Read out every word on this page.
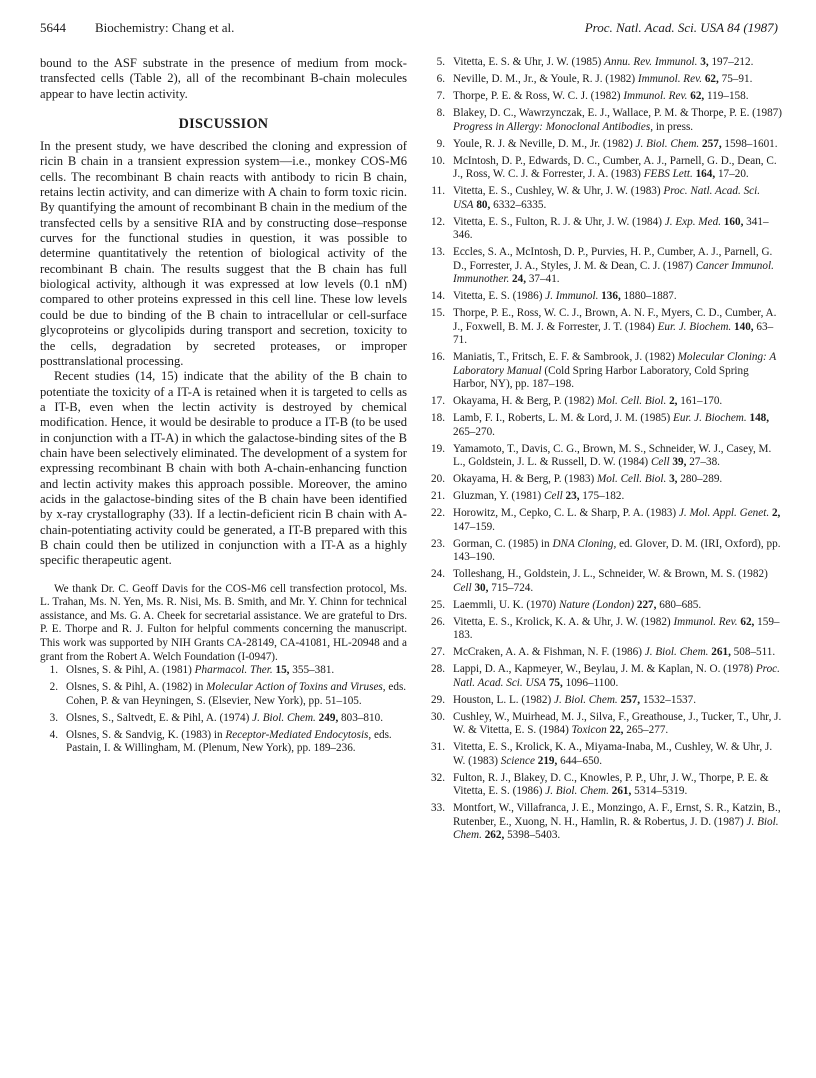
5644 Biochemistry: Chang et al.	Proc. Natl. Acad. Sci. USA 84 (1987)

bound to the ASF substrate in the presence of medium from mock-transfected cells (Table 2), all of the recombinant B-chain molecules appear to have lectin activity.

DISCUSSION

In the present study, we have described the cloning and expression of ricin B chain in a transient expression system—i.e., monkey COS-M6 cells. The recombinant B chain reacts with antibody to ricin B chain, retains lectin activity, and can dimerize with A chain to form toxic ricin. By quantifying the amount of recombinant B chain in the medium of the transfected cells by a sensitive RIA and by constructing dose–response curves for the functional studies in question, it was possible to determine quantitatively the retention of biological activity of the recombinant B chain. The results suggest that the B chain has full biological activity, although it was expressed at low levels (0.1 nM) compared to other proteins expressed in this cell line. These low levels could be due to binding of the B chain to intracellular or cell-surface glycoproteins or glycolipids during transport and secretion, toxicity to the cells, degradation by secreted proteases, or improper posttranslational processing.

Recent studies (14, 15) indicate that the ability of the B chain to potentiate the toxicity of a IT-A is retained when it is targeted to cells as a IT-B, even when the lectin activity is destroyed by chemical modification. Hence, it would be desirable to produce a IT-B (to be used in conjunction with a IT-A) in which the galactose-binding sites of the B chain have been selectively eliminated. The development of a system for expressing recombinant B chain with both A-chain-enhancing function and lectin activity makes this approach possible. Moreover, the amino acids in the galactose-binding sites of the B chain have been identified by x-ray crystallography (33). If a lectin-deficient ricin B chain with A-chain-potentiating activity could be generated, a IT-B prepared with this B chain could then be utilized in conjunction with a IT-A as a highly specific therapeutic agent.

We thank Dr. C. Geoff Davis for the COS-M6 cell transfection protocol, Ms. L. Trahan, Ms. N. Yen, Ms. R. Nisi, Ms. B. Smith, and Mr. Y. Chinn for technical assistance, and Ms. G. A. Cheek for secretarial assistance. We are grateful to Drs. P. E. Thorpe and R. J. Fulton for helpful comments concerning the manuscript. This work was supported by NIH Grants CA-28149, CA-41081, HL-20948 and a grant from the Robert A. Welch Foundation (I-0947).

1. Olsnes, S. & Pihl, A. (1981) Pharmacol. Ther. 15, 355–381.
2. Olsnes, S. & Pihl, A. (1982) in Molecular Action of Toxins and Viruses, eds. Cohen, P. & van Heyningen, S. (Elsevier, New York), pp. 51–105.
3. Olsnes, S., Saltvedt, E. & Pihl, A. (1974) J. Biol. Chem. 249, 803–810.
4. Olsnes, S. & Sandvig, K. (1983) in Receptor-Mediated Endocytosis, eds. Pastain, I. & Willingham, M. (Plenum, New York), pp. 189–236.
5. Vitetta, E. S. & Uhr, J. W. (1985) Annu. Rev. Immunol. 3, 197–212.
6. Neville, D. M., Jr., & Youle, R. J. (1982) Immunol. Rev. 62, 75–91.
7. Thorpe, P. E. & Ross, W. C. J. (1982) Immunol. Rev. 62, 119–158.
8. Blakey, D. C., Wawrzynczak, E. J., Wallace, P. M. & Thorpe, P. E. (1987) Progress in Allergy: Monoclonal Antibodies, in press.
9. Youle, R. J. & Neville, D. M., Jr. (1982) J. Biol. Chem. 257, 1598–1601.
10. McIntosh, D. P., Edwards, D. C., Cumber, A. J., Parnell, G. D., Dean, C. J., Ross, W. C. J. & Forrester, J. A. (1983) FEBS Lett. 164, 17–20.
11. Vitetta, E. S., Cushley, W. & Uhr, J. W. (1983) Proc. Natl. Acad. Sci. USA 80, 6332–6335.
12. Vitetta, E. S., Fulton, R. J. & Uhr, J. W. (1984) J. Exp. Med. 160, 341–346.
13. Eccles, S. A., McIntosh, D. P., Purvies, H. P., Cumber, A. J., Parnell, G. D., Forrester, J. A., Styles, J. M. & Dean, C. J. (1987) Cancer Immunol. Immunother. 24, 37–41.
14. Vitetta, E. S. (1986) J. Immunol. 136, 1880–1887.
15. Thorpe, P. E., Ross, W. C. J., Brown, A. N. F., Myers, C. D., Cumber, A. J., Foxwell, B. M. J. & Forrester, J. T. (1984) Eur. J. Biochem. 140, 63–71.
16. Maniatis, T., Fritsch, E. F. & Sambrook, J. (1982) Molecular Cloning: A Laboratory Manual (Cold Spring Harbor Laboratory, Cold Spring Harbor, NY), pp. 187–198.
17. Okayama, H. & Berg, P. (1982) Mol. Cell. Biol. 2, 161–170.
18. Lamb, F. I., Roberts, L. M. & Lord, J. M. (1985) Eur. J. Biochem. 148, 265–270.
19. Yamamoto, T., Davis, C. G., Brown, M. S., Schneider, W. J., Casey, M. L., Goldstein, J. L. & Russell, D. W. (1984) Cell 39, 27–38.
20. Okayama, H. & Berg, P. (1983) Mol. Cell. Biol. 3, 280–289.
21. Gluzman, Y. (1981) Cell 23, 175–182.
22. Horowitz, M., Cepko, C. L. & Sharp, P. A. (1983) J. Mol. Appl. Genet. 2, 147–159.
23. Gorman, C. (1985) in DNA Cloning, ed. Glover, D. M. (IRI, Oxford), pp. 143–190.
24. Tolleshang, H., Goldstein, J. L., Schneider, W. & Brown, M. S. (1982) Cell 30, 715–724.
25. Laemmli, U. K. (1970) Nature (London) 227, 680–685.
26. Vitetta, E. S., Krolick, K. A. & Uhr, J. W. (1982) Immunol. Rev. 62, 159–183.
27. McCraken, A. A. & Fishman, N. F. (1986) J. Biol. Chem. 261, 508–511.
28. Lappi, D. A., Kapmeyer, W., Beylau, J. M. & Kaplan, N. O. (1978) Proc. Natl. Acad. Sci. USA 75, 1096–1100.
29. Houston, L. L. (1982) J. Biol. Chem. 257, 1532–1537.
30. Cushley, W., Muirhead, M. J., Silva, F., Greathouse, J., Tucker, T., Uhr, J. W. & Vitetta, E. S. (1984) Toxicon 22, 265–277.
31. Vitetta, E. S., Krolick, K. A., Miyama-Inaba, M., Cushley, W. & Uhr, J. W. (1983) Science 219, 644–650.
32. Fulton, R. J., Blakey, D. C., Knowles, P. P., Uhr, J. W., Thorpe, P. E. & Vitetta, E. S. (1986) J. Biol. Chem. 261, 5314–5319.
33. Montfort, W., Villafranca, J. E., Monzingo, A. F., Ernst, S. R., Katzin, B., Rutenber, E., Xuong, N. H., Hamlin, R. & Robertus, J. D. (1987) J. Biol. Chem. 262, 5398–5403.
